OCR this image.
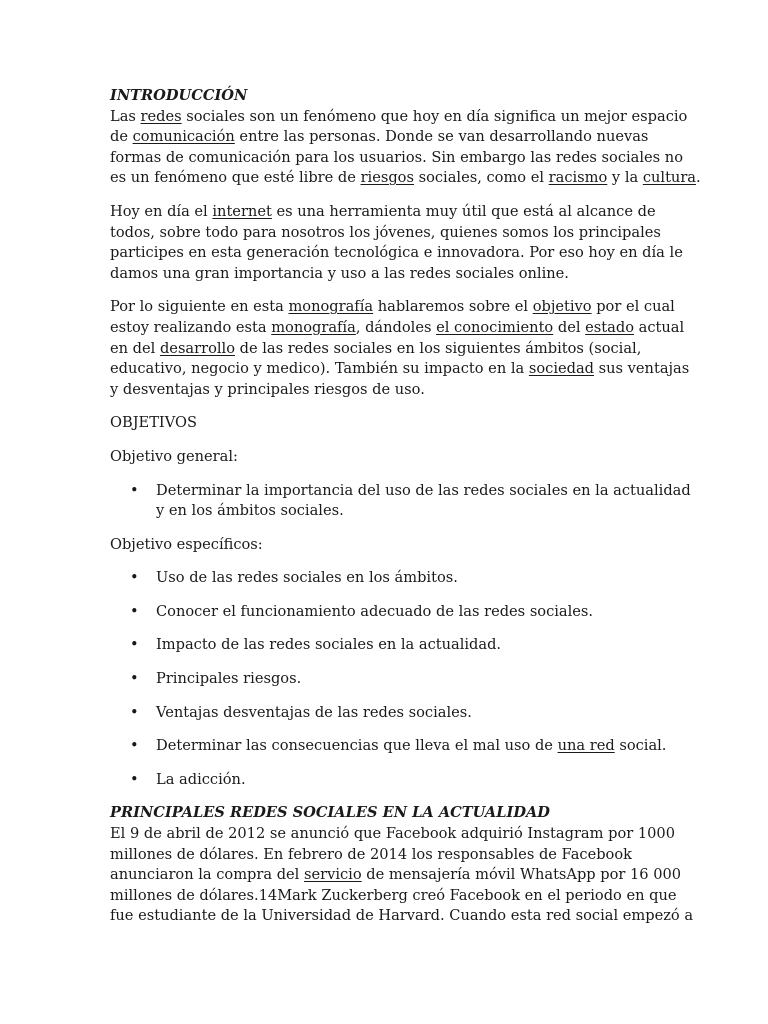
INTRODUCCIÓN
Las redes sociales son un fenómeno que hoy en día significa un mejor espacio
de comunicación entre las personas. Donde se van desarrollando nuevas
formas de comunicación para los usuarios. Sin embargo las redes sociales no
es un fenómeno que esté libre de riesgos sociales, como el racismo y la cultura.

Hoy en día el internet es una herramienta muy útil que está al alcance de
todos, sobre todo para nosotros los jóvenes, quienes somos los principales
participes en esta generación tecnológica e innovadora. Por eso hoy en día le
damos una gran importancia y uso a las redes sociales online.

Por lo siguiente en esta monografía hablaremos sobre el objetivo por el cual
estoy realizando esta monografía, dándoles el conocimiento del estado actual
en del desarrollo de las redes sociales en los siguientes ámbitos (social,
educativo, negocio y medico). También su impacto en la sociedad sus ventajas
y desventajas y principales riesgos de uso.

OBJETIVOS

Objetivo general:

• Determinar la importancia del uso de las redes sociales en la actualidad
y en los ámbitos sociales.

Objetivo específicos:

• Uso de las redes sociales en los ámbitos.
• Conocer el funcionamiento adecuado de las redes sociales.
• Impacto de las redes sociales en la actualidad.
• Principales riesgos.
• Ventajas desventajas de las redes sociales.
• Determinar las consecuencias que lleva el mal uso de una red social.
• La adicción.

PRINCIPALES REDES SOCIALES EN LA ACTUALIDAD
El 9 de abril de 2012 se anunció que Facebook adquirió Instagram por 1000
millones de dólares. En febrero de 2014 los responsables de Facebook
anunciaron la compra del servicio de mensajería móvil WhatsApp por 16 000
millones de dólares.14Mark Zuckerberg creó Facebook en el periodo en que
fue estudiante de la Universidad de Harvard. Cuando esta red social empezó a
